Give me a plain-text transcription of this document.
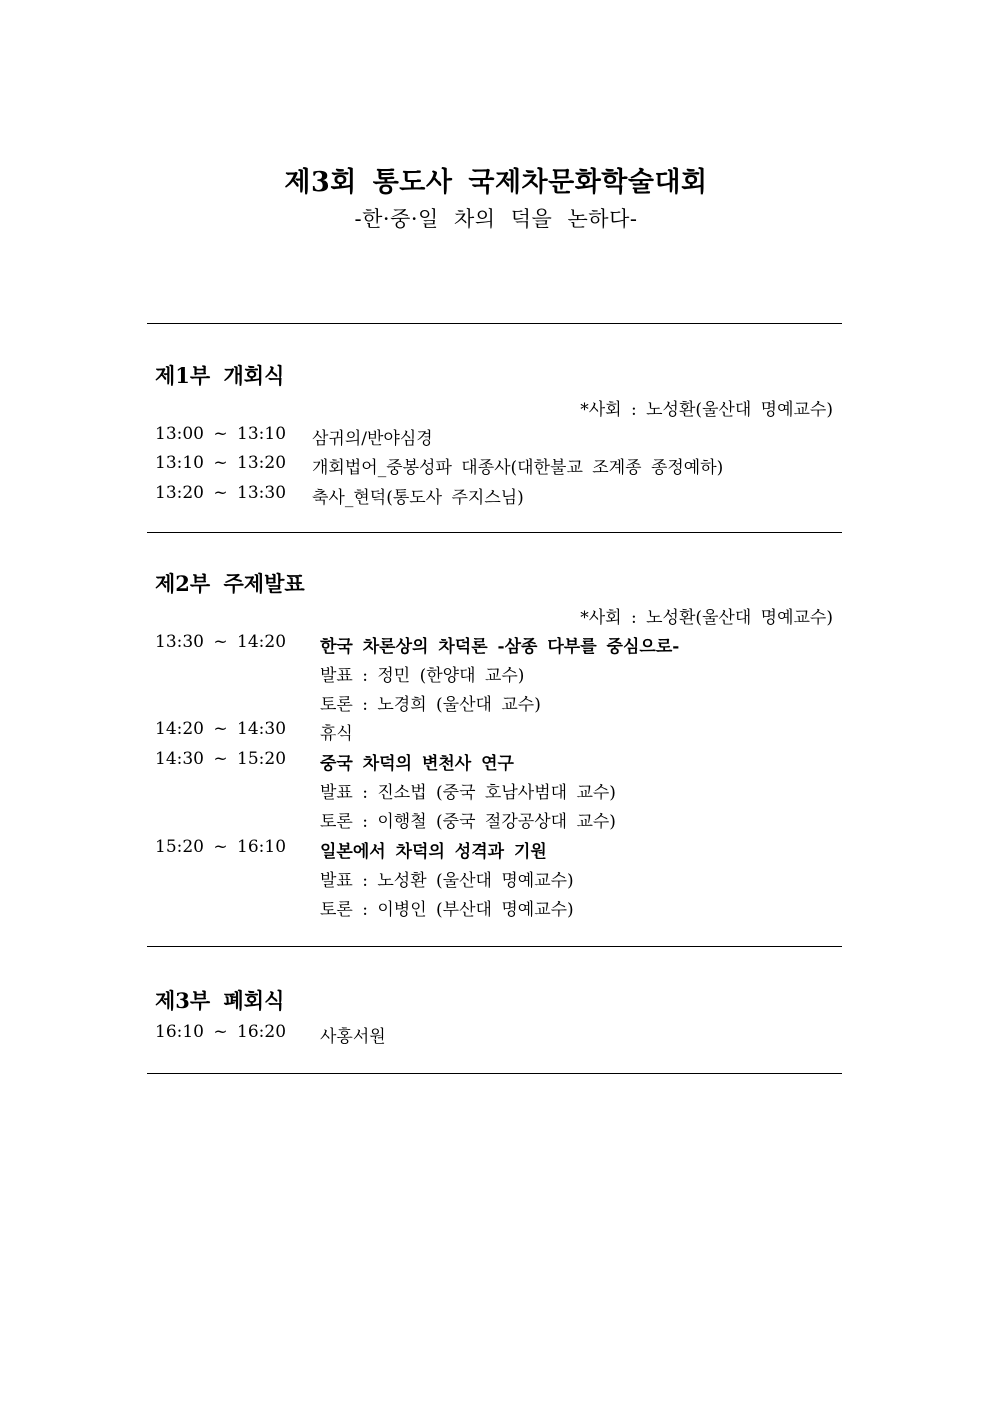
제3회 통도사 국제차문화학술대회
-한·중·일 차의 덕을 논하다-
제1부 개회식
*사회 : 노성환(울산대 명예교수)
13:00 ~ 13:10 삼귀의/반야심경
13:10 ~ 13:20 개회법어_중봉성파 대종사(대한불교 조계종 종정예하)
13:20 ~ 13:30 축사_현덕(통도사 주지스님)
제2부 주제발표
*사회 : 노성환(울산대 명예교수)
13:30 ~ 14:20 한국 차론상의 차덕론 -삼종 다부를 중심으로-
발표 : 정민 (한양대 교수)
토론 : 노경희 (울산대 교수)
14:20 ~ 14:30 휴식
14:30 ~ 15:20 중국 차덕의 변천사 연구
발표 : 진소법 (중국 호남사범대 교수)
토론 : 이행철 (중국 절강공상대 교수)
15:20 ~ 16:10 일본에서 차덕의 성격과 기원
발표 : 노성환 (울산대 명예교수)
토론 : 이병인 (부산대 명예교수)
제3부 폐회식
16:10 ~ 16:20 사홍서원
